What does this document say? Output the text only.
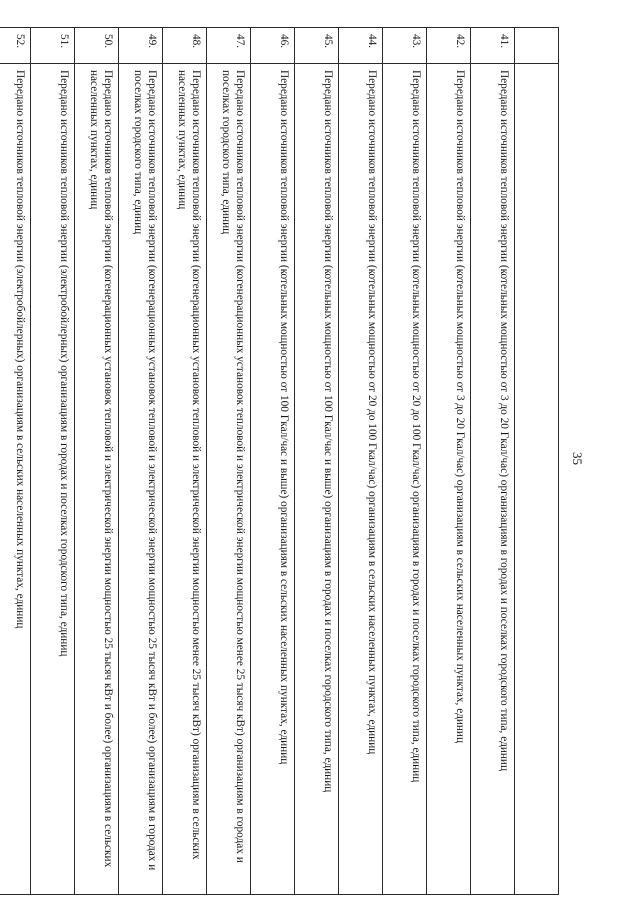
35

41.	Передано источников тепловой энергии (котельных мощностью от 3 до 20 Гкал/час) организациям в городах и поселках городского типа, единиц
42.	Передано источников тепловой энергии (котельных мощностью от 3 до 20 Гкал/час) организациям в сельских населенных пунктах, единиц
43.	Передано источников тепловой энергии (котельных мощностью от 20 до 100 Гкал/час) организациям в городах и поселках городского типа, единиц
44.	Передано источников тепловой энергии (котельных мощностью от 20 до 100 Гкал/час) организациям в сельских населенных пунктах, единиц
45.	Передано источников тепловой энергии (котельных мощностью от 100 Гкал/час и выше) организациям в городах и поселках городского типа, единиц
46.	Передано источников тепловой энергии (котельных мощностью от 100 Гкал/час и выше) организациям в сельских населенных пунктах, единиц
47.	Передано источников тепловой энергии (когенерационных установок тепловой и электрической энергии мощностью менее 25 тысяч кВт) организациям в городах и поселках городского типа, единиц
48.	Передано источников тепловой энергии (когенерационных установок тепловой и электрической энергии мощностью менее 25 тысяч кВт) организациям в сельских населенных пунктах, единиц
49.	Передано источников тепловой энергии (когенерационных установок тепловой и электрической энергии мощностью 25 тысяч кВт и более) организациям в городах и поселках городского типа, единиц
50.	Передано источников тепловой энергии (когенерационных установок тепловой и электрической энергии мощностью 25 тысяч кВт и более) организациям в сельских населенных пунктах, единиц
51.	Передано источников тепловой энергии (электробойлерных) организациям в городах и поселках городского типа, единиц
52.	Передано источников тепловой энергии (электробойлерных) организациям в сельских населенных пунктах, единиц
